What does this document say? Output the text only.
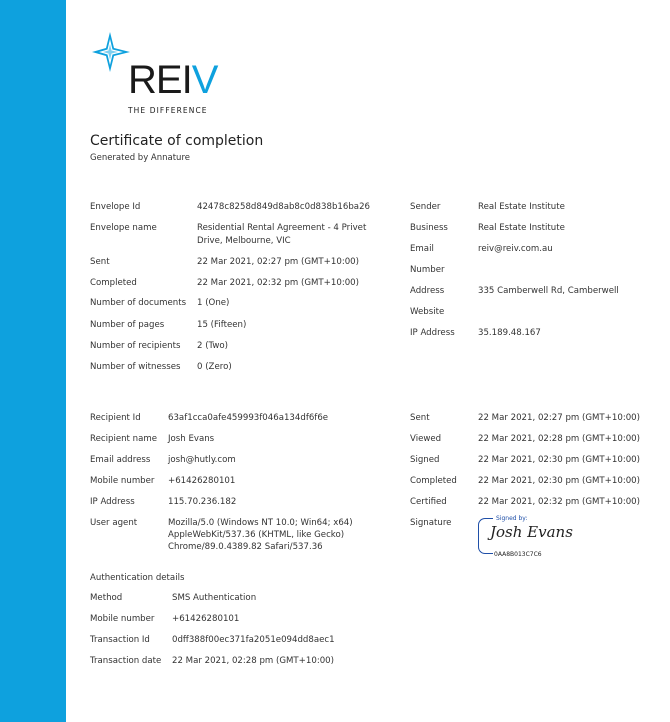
REIV
THE DIFFERENCE
Certificate of completion
Generated by Annature
Envelope Id	42478c8258d849d8ab8c0d838b16ba26
Envelope name	Residential Rental Agreement - 4 Privet
Drive, Melbourne, VIC
Sent	22 Mar 2021, 02:27 pm (GMT+10:00)
Completed	22 Mar 2021, 02:32 pm (GMT+10:00)
Number of documents 1 (One)
Number of pages	15 (Fifteen)
Number of recipients 2 (Two)
Number of witnesses 0 (Zero)
Sender	Real Estate Institute
Business	Real Estate Institute
Email	reiv@reiv.com.au
Number
Address	335 Camberwell Rd, Camberwell
Website
IP Address	35.189.48.167
Recipient Id	63af1cca0afe459993f046a134df6f6e
Recipient name Josh Evans
Email address josh@hutly.com
Mobile number +61426280101
IP Address	115.70.236.182
User agent	Mozilla/5.0 (Windows NT 10.0; Win64; x64)
AppleWebKit/537.36 (KHTML, like Gecko)
Chrome/89.0.4389.82 Safari/537.36
Sent	22 Mar 2021, 02:27 pm (GMT+10:00)
Viewed	22 Mar 2021, 02:28 pm (GMT+10:00)
Signed	22 Mar 2021, 02:30 pm (GMT+10:00)
Completed 22 Mar 2021, 02:30 pm (GMT+10:00)
Certified	22 Mar 2021, 02:32 pm (GMT+10:00)
Signature	Signed by:
Josh Evans
0AA8B013C7C6
Authentication details
Method	SMS Authentication
Mobile number +61426280101
Transaction Id	0dff388f00ec371fa2051e094dd8aec1
Transaction date 22 Mar 2021, 02:28 pm (GMT+10:00)
